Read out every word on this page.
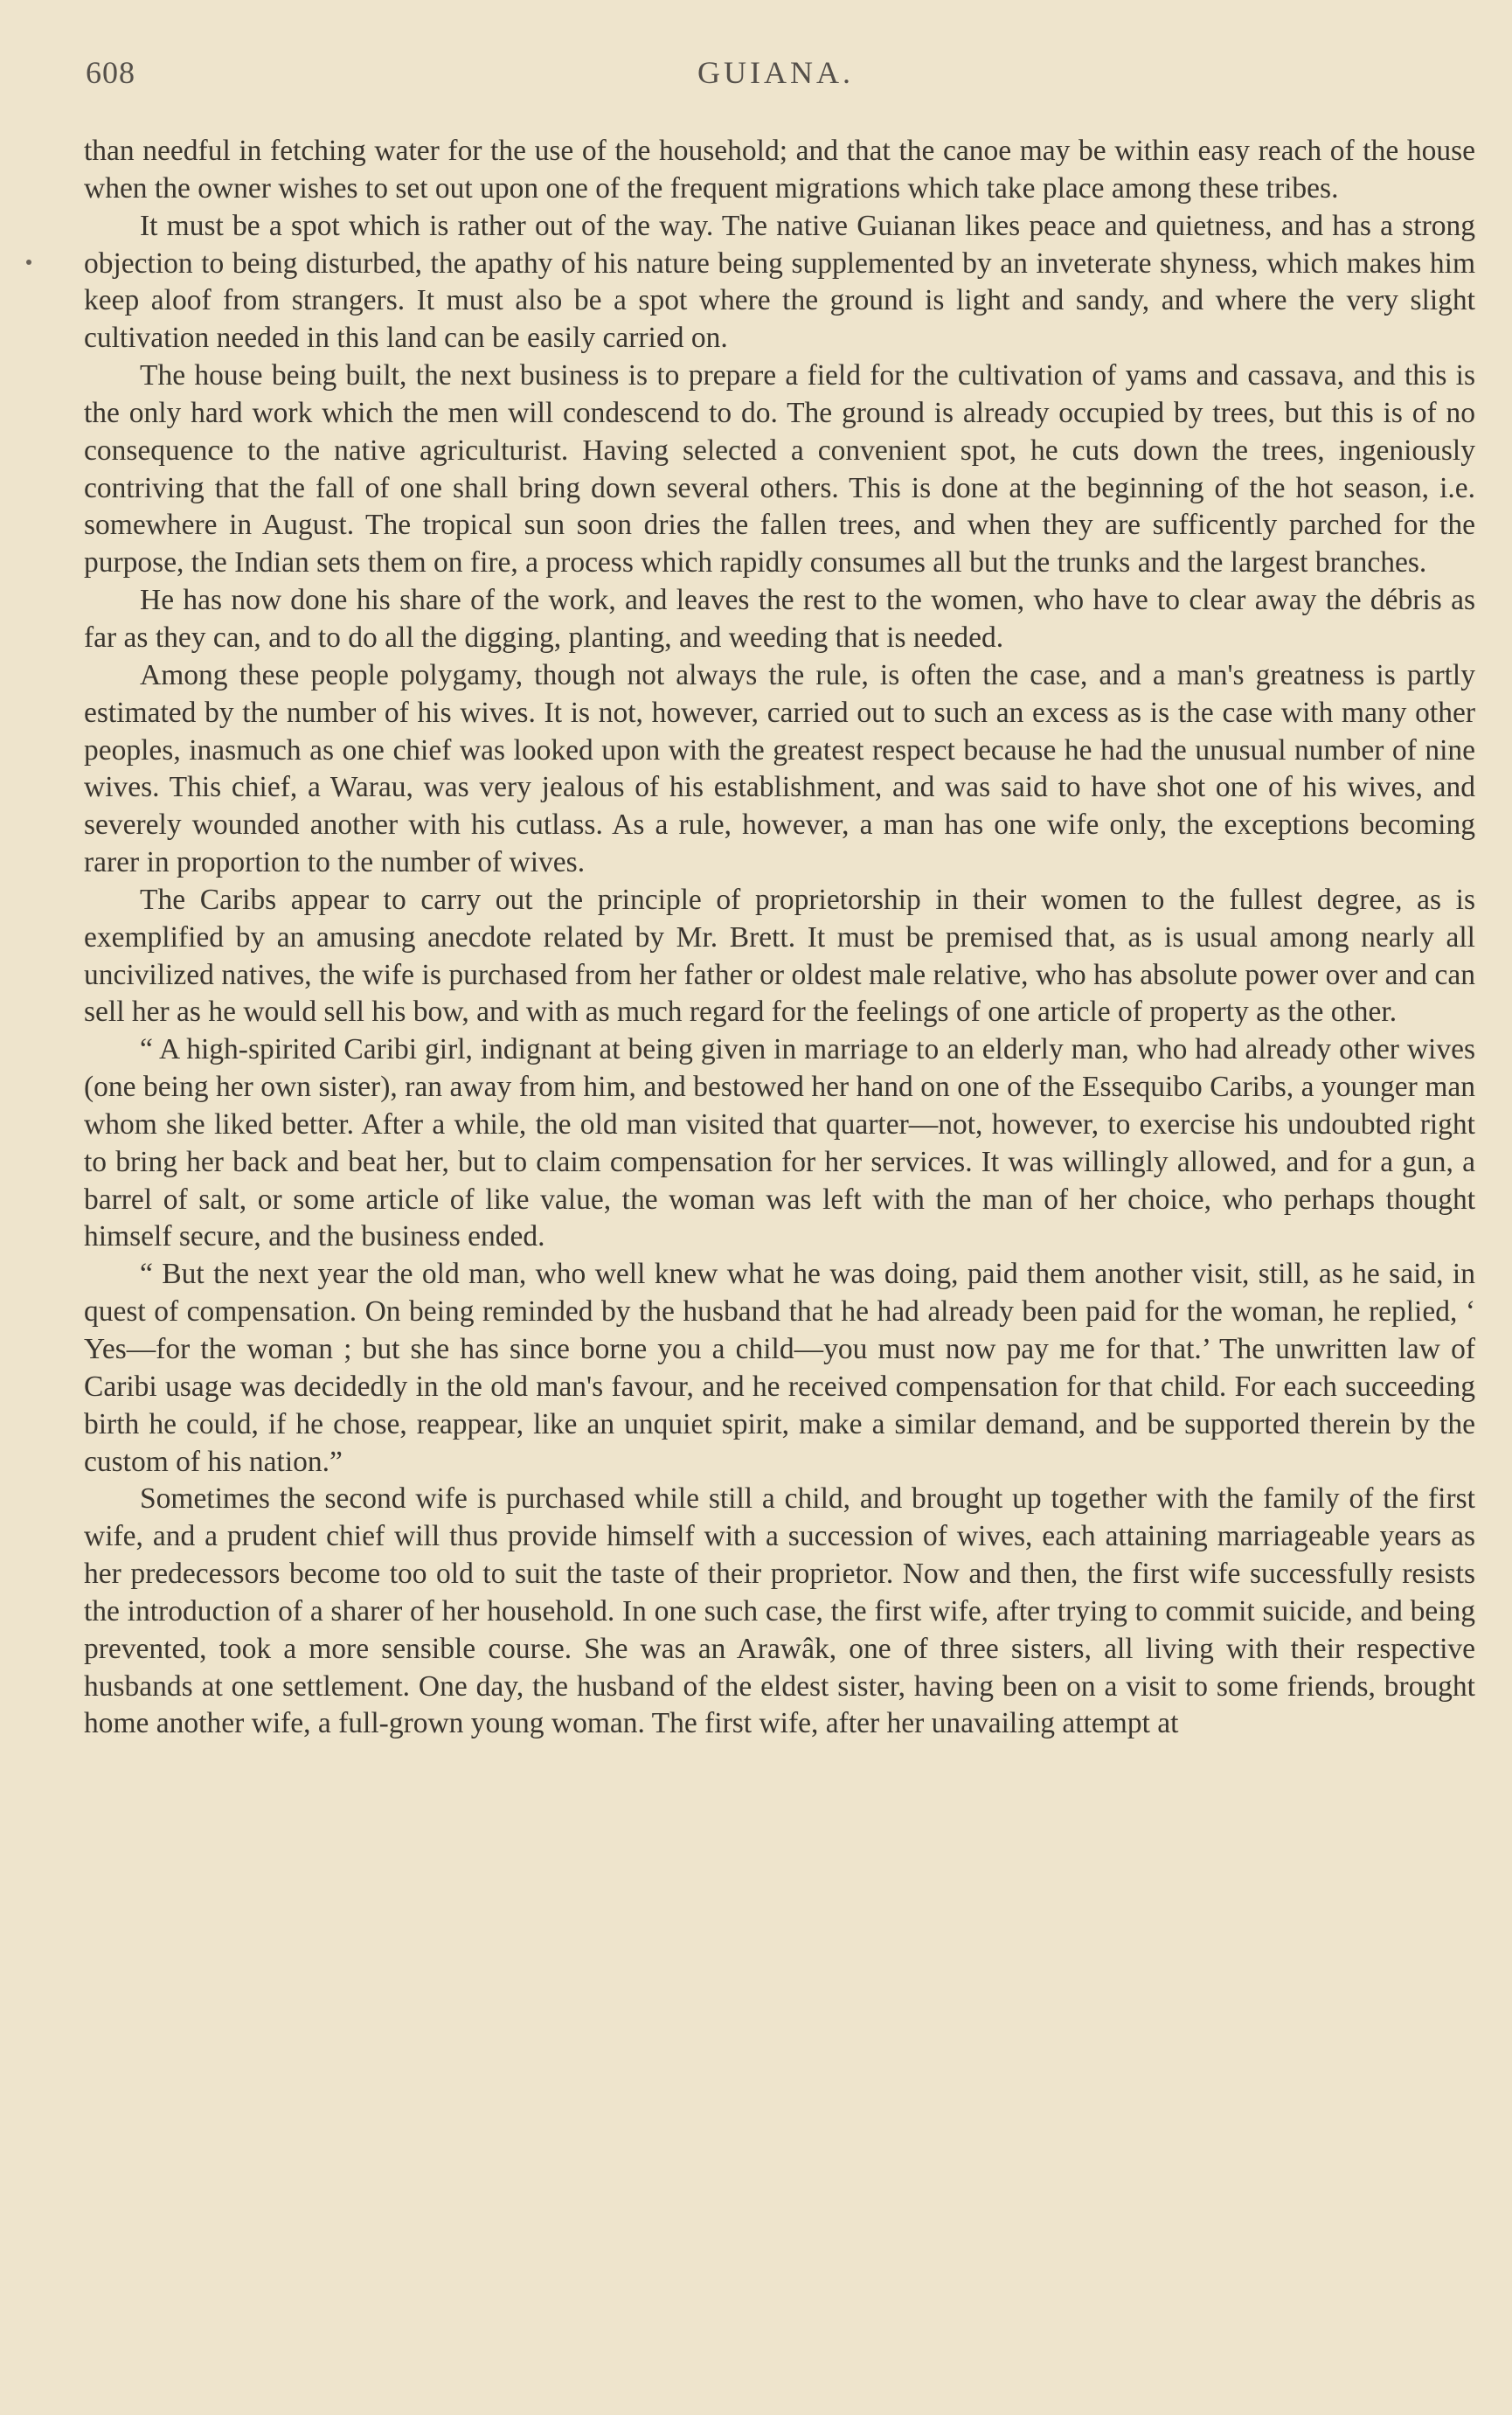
608	GUIANA.

than needful in fetching water for the use of the household; and that the canoe may be within easy reach of the house when the owner wishes to set out upon one of the frequent migrations which take place among these tribes.

It must be a spot which is rather out of the way. The native Guianan likes peace and quietness, and has a strong objection to being disturbed, the apathy of his nature being supplemented by an inveterate shyness, which makes him keep aloof from strangers. It must also be a spot where the ground is light and sandy, and where the very slight cultivation needed in this land can be easily carried on.

The house being built, the next business is to prepare a field for the cultivation of yams and cassava, and this is the only hard work which the men will condescend to do. The ground is already occupied by trees, but this is of no consequence to the native agriculturist. Having selected a convenient spot, he cuts down the trees, ingeniously contriving that the fall of one shall bring down several others. This is done at the beginning of the hot season, i.e. somewhere in August. The tropical sun soon dries the fallen trees, and when they are sufficently parched for the purpose, the Indian sets them on fire, a process which rapidly consumes all but the trunks and the largest branches.

He has now done his share of the work, and leaves the rest to the women, who have to clear away the débris as far as they can, and to do all the digging, planting, and weeding that is needed.

Among these people polygamy, though not always the rule, is often the case, and a man's greatness is partly estimated by the number of his wives. It is not, however, carried out to such an excess as is the case with many other peoples, inasmuch as one chief was looked upon with the greatest respect because he had the unusual number of nine wives. This chief, a Warau, was very jealous of his establishment, and was said to have shot one of his wives, and severely wounded another with his cutlass. As a rule, however, a man has one wife only, the exceptions becoming rarer in proportion to the number of wives.

The Caribs appear to carry out the principle of proprietorship in their women to the fullest degree, as is exemplified by an amusing anecdote related by Mr. Brett. It must be premised that, as is usual among nearly all uncivilized natives, the wife is purchased from her father or oldest male relative, who has absolute power over and can sell her as he would sell his bow, and with as much regard for the feelings of one article of property as the other.

“ A high-spirited Caribi girl, indignant at being given in marriage to an elderly man, who had already other wives (one being her own sister), ran away from him, and bestowed her hand on one of the Essequibo Caribs, a younger man whom she liked better. After a while, the old man visited that quarter—not, however, to exercise his undoubted right to bring her back and beat her, but to claim compensation for her services. It was willingly allowed, and for a gun, a barrel of salt, or some article of like value, the woman was left with the man of her choice, who perhaps thought himself secure, and the business ended.

“ But the next year the old man, who well knew what he was doing, paid them another visit, still, as he said, in quest of compensation. On being reminded by the husband that he had already been paid for the woman, he replied, ‘ Yes—for the woman ; but she has since borne you a child—you must now pay me for that.’ The unwritten law of Caribi usage was decidedly in the old man's favour, and he received compensation for that child. For each succeeding birth he could, if he chose, reappear, like an unquiet spirit, make a similar demand, and be supported therein by the custom of his nation.”

Sometimes the second wife is purchased while still a child, and brought up together with the family of the first wife, and a prudent chief will thus provide himself with a succession of wives, each attaining marriageable years as her predecessors become too old to suit the taste of their proprietor. Now and then, the first wife successfully resists the introduction of a sharer of her household. In one such case, the first wife, after trying to commit suicide, and being prevented, took a more sensible course. She was an Arawâk, one of three sisters, all living with their respective husbands at one settlement. One day, the husband of the eldest sister, having been on a visit to some friends, brought home another wife, a full-grown young woman. The first wife, after her unavailing attempt at
